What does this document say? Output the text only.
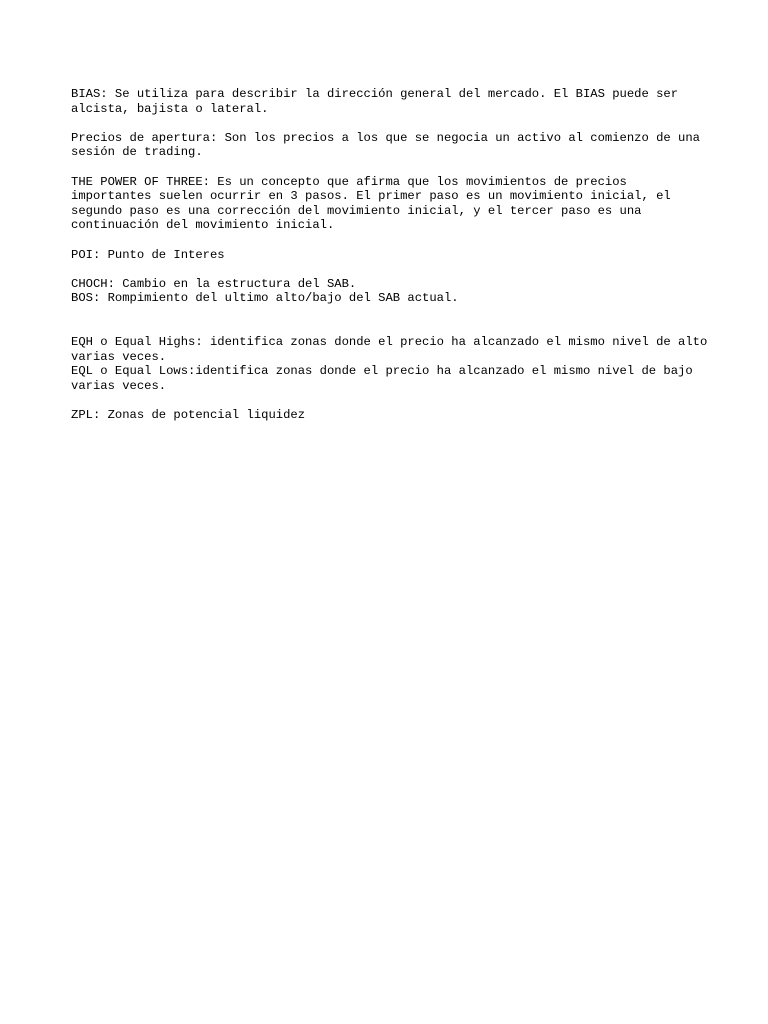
BIAS: Se utiliza para describir la dirección general del mercado. El BIAS puede ser alcista, bajista o lateral.

Precios de apertura: Son los precios a los que se negocia un activo al comienzo de una sesión de trading.

THE POWER OF THREE: Es un concepto que afirma que los movimientos de precios importantes suelen ocurrir en 3 pasos. El primer paso es un movimiento inicial, el segundo paso es una corrección del movimiento inicial, y el tercer paso es una continuación del movimiento inicial.

POI: Punto de Interes

CHOCH: Cambio en la estructura del SAB.

BOS: Rompimiento del ultimo alto/bajo del SAB actual.

EQH o Equal Highs: identifica zonas donde el precio ha alcanzado el mismo nivel de alto varias veces.

EQL o Equal Lows:identifica zonas donde el precio ha alcanzado el mismo nivel de bajo varias veces.

ZPL: Zonas de potencial liquidez
